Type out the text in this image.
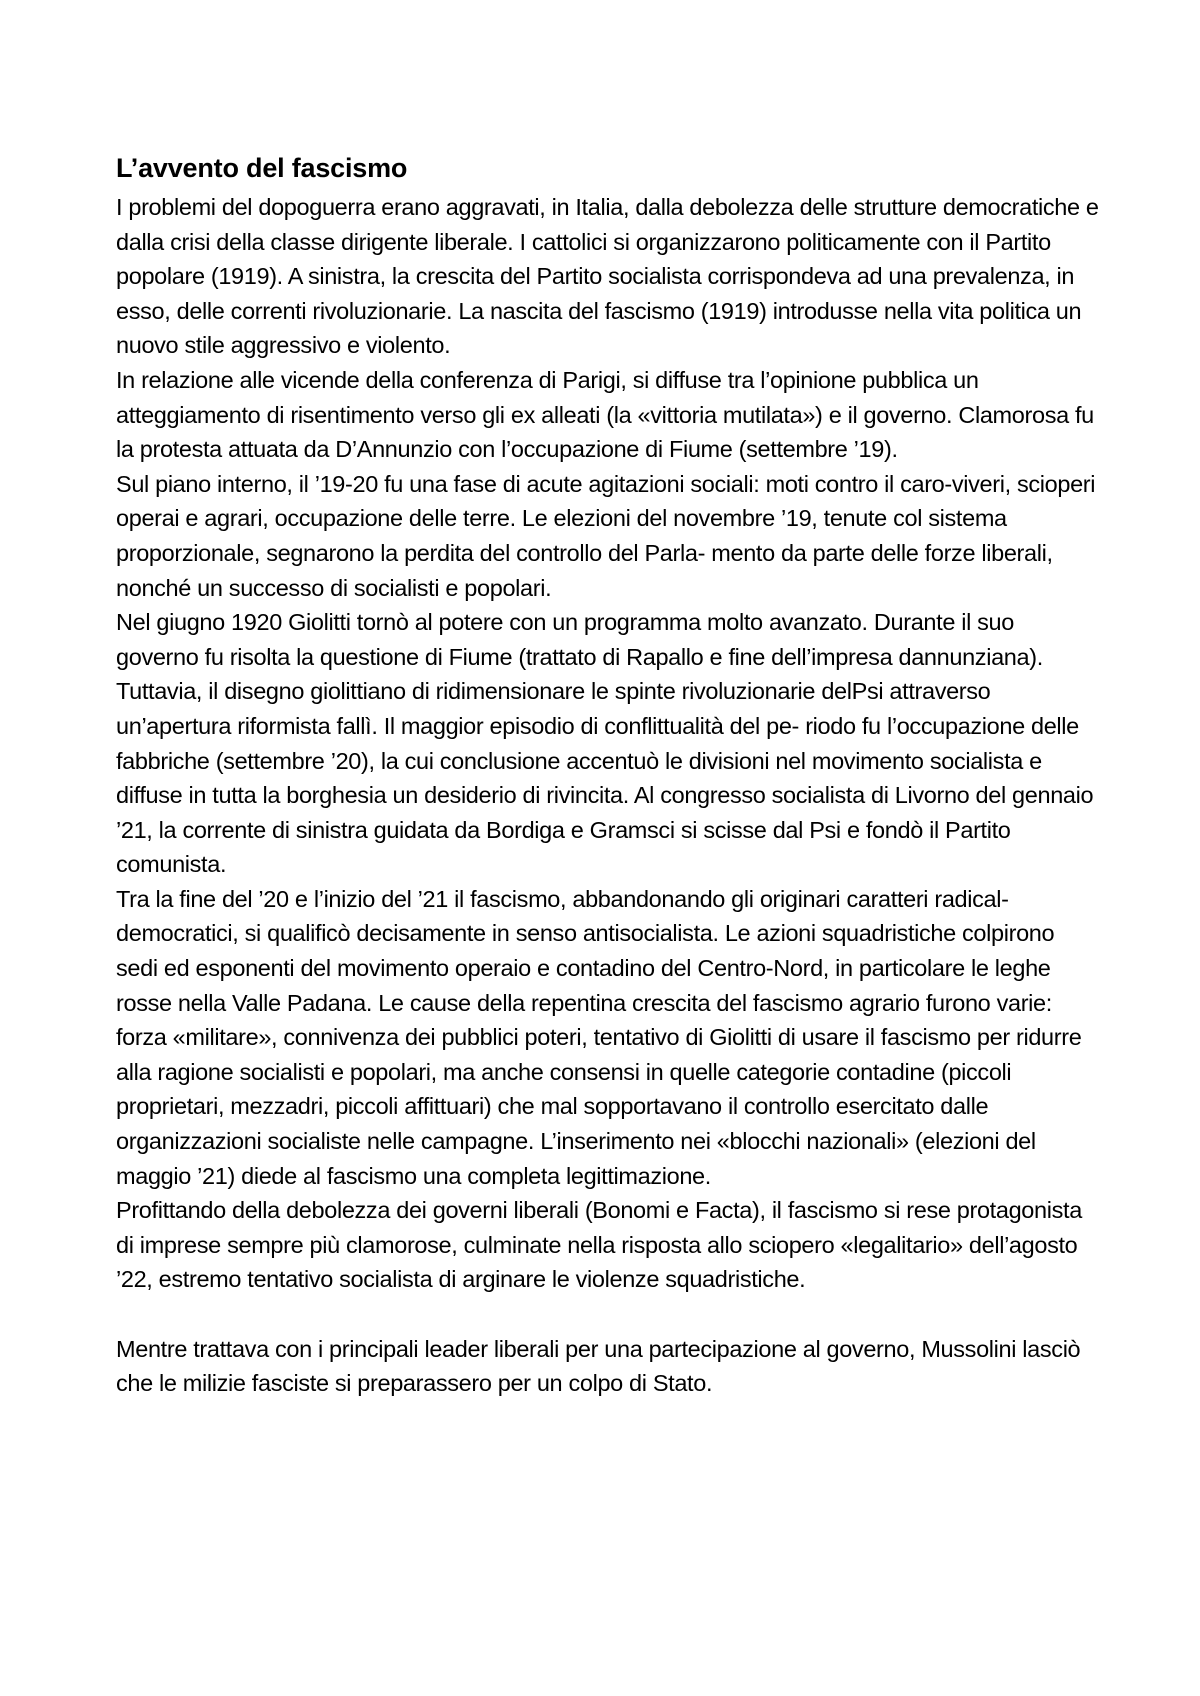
L’avvento del fascismo

I problemi del dopoguerra erano aggravati, in Italia, dalla debolezza delle strutture democratiche e dalla crisi della classe dirigente liberale. I cattolici si organizzarono politicamente con il Partito popolare (1919). A sinistra, la crescita del Partito socialista corrispondeva ad una prevalenza, in esso, delle correnti rivoluzionarie. La nascita del fascismo (1919) introdusse nella vita politica un nuovo stile aggressivo e violento.

In relazione alle vicende della conferenza di Parigi, si diffuse tra l’opinione pubblica un atteggiamento di risentimento verso gli ex alleati (la «vittoria mutilata») e il governo. Clamorosa fu la protesta attuata da D’Annunzio con l’occupazione di Fiume (settembre ’19).

Sul piano interno, il ’19-20 fu una fase di acute agitazioni sociali: moti contro il caro-viveri, scioperi operai e agrari, occupazione delle terre. Le elezioni del novembre ’19, tenute col sistema proporzionale, segnarono la perdita del controllo del Parla- mento da parte delle forze liberali, nonché un successo di socialisti e popolari.

Nel giugno 1920 Giolitti tornò al potere con un programma molto avanzato. Durante il suo governo fu risolta la questione di Fiume (trattato di Rapallo e fine dell’impresa dannunziana). Tuttavia, il disegno giolittiano di ridimensionare le spinte rivoluzionarie delPsi attraverso un’apertura riformista fallì. Il maggior episodio di conflittualità del pe- riodo fu l’occupazione delle fabbriche (settembre ’20), la cui conclusione accentuò le divisioni nel movimento socialista e diffuse in tutta la borghesia un desiderio di rivincita. Al congresso socialista di Livorno del gennaio ’21, la corrente di sinistra guidata da Bordiga e Gramsci si scisse dal Psi e fondò il Partito comunista.

Tra la fine del ’20 e l’inizio del ’21 il fascismo, abbandonando gli originari caratteri radical-democratici, si qualificò decisamente in senso antisocialista. Le azioni squadristiche colpirono sedi ed esponenti del movimento operaio e contadino del Centro-Nord, in particolare le leghe rosse nella Valle Padana. Le cause della repentina crescita del fascismo agrario furono varie: forza «militare», connivenza dei pubblici poteri, tentativo di Giolitti di usare il fascismo per ridurre alla ragione socialisti e popolari, ma anche consensi in quelle categorie contadine (piccoli proprietari, mezzadri, piccoli affittuari) che mal sopportavano il controllo esercitato dalle organizzazioni socialiste nelle campagne. L’inserimento nei «blocchi nazionali» (elezioni del maggio ’21) diede al fascismo una completa legittimazione.

Profittando della debolezza dei governi liberali (Bonomi e Facta), il fascismo si rese protagonista di imprese sempre più clamorose, culminate nella risposta allo sciopero «legalitario» dell’agosto ’22, estremo tentativo socialista di arginare le violenze squadristiche.

Mentre trattava con i principali leader liberali per una partecipazione al governo, Mussolini lasciò che le milizie fasciste si preparassero per un colpo di Stato.
